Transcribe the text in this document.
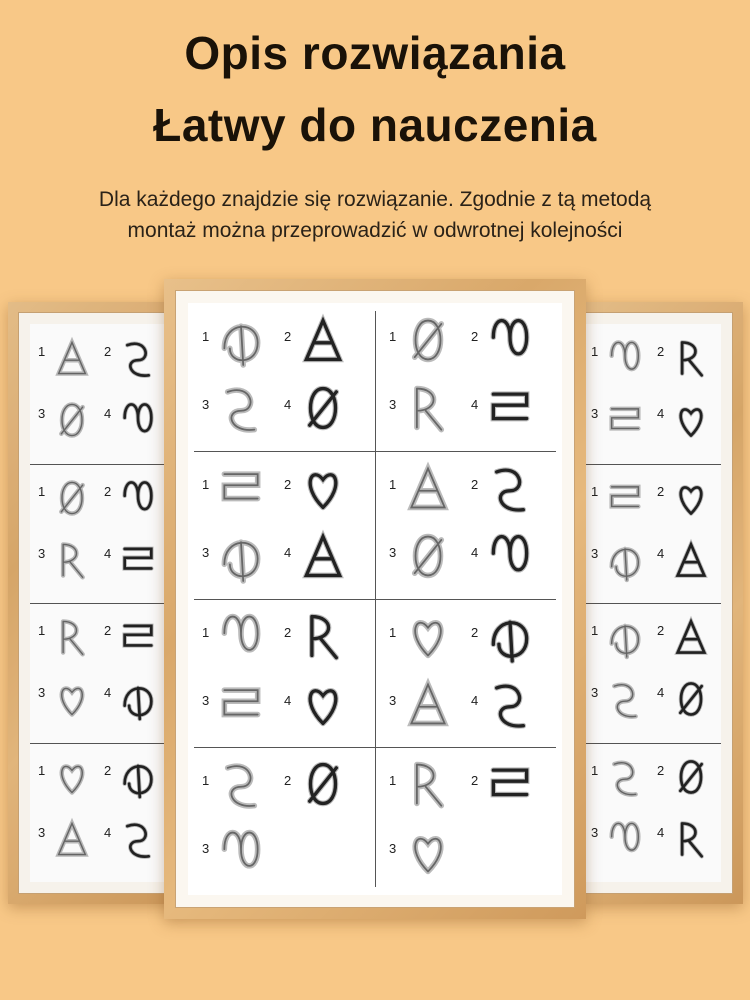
Opis rozwiązania
Łatwy do nauczenia
Dla każdego znajdzie się rozwiązanie. Zgodnie z tą metodą
montaż można przeprowadzić w odwrotnej kolejności
1	2
3	4
1	2
3	4
1	2
3	4
1	2
3	4
1	2
3	4
1	2
3	4
1	2
3	4
1	2
3	4
1	2
3	4
1	2
3	4
1	2
3	4
1	2
3	4
1	2
3	4
1	2
3	4
1	2
3
1	2
3
